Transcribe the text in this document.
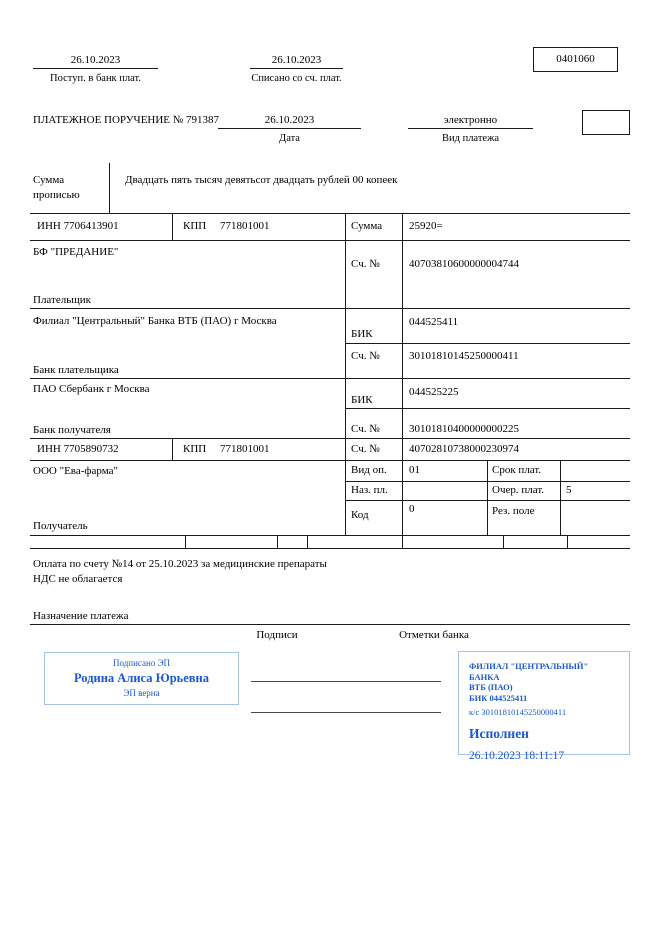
26.10.2023
Поступ. в банк плат.
26.10.2023
Списано со сч. плат.
0401060
ПЛАТЕЖНОЕ ПОРУЧЕНИЕ № 791387	26.10.2023
Дата
электронно
Вид платежа
Сумма
прописью
Двадцать пять тысяч девятьсот двадцать рублей 00 копеек
ИНН 7706413901	КПП 771801001	Сумма 25920=
БФ "ПРЕДАНИЕ"
Плательщик
Сч. №	40703810600000004744
Филиал "Центральный" Банка ВТБ (ПАО) г Москва
Банк плательщика
БИК
044525411
Сч. №	30101810145250000411
ПАО Сбербанк г Москва
Банк получателя
БИК
044525225
Сч. №	30101810400000000225
ИНН 7705890732	КПП 771801001	Сч. №	40702810738000230974
ООО "Ева-фарма"
Получатель
Вид оп. 01	Срок плат.
Наз. пл.	Очер. плат. 5
Код	0	Рез. поле
Оплата по счету №14 от 25.10.2023 за медицинские препараты
НДС не облагается
Назначение платежа
Подписи	Отметки банка
Подписано ЭП
Родина Алиса Юрьевна
ЭП верна
ФИЛИАЛ "ЦЕНТРАЛЬНЫЙ" БАНКА
ВТБ (ПАО)
БИК 044525411
к/с 30101810145250000411
Исполнен
26.10.2023 18:11:17
